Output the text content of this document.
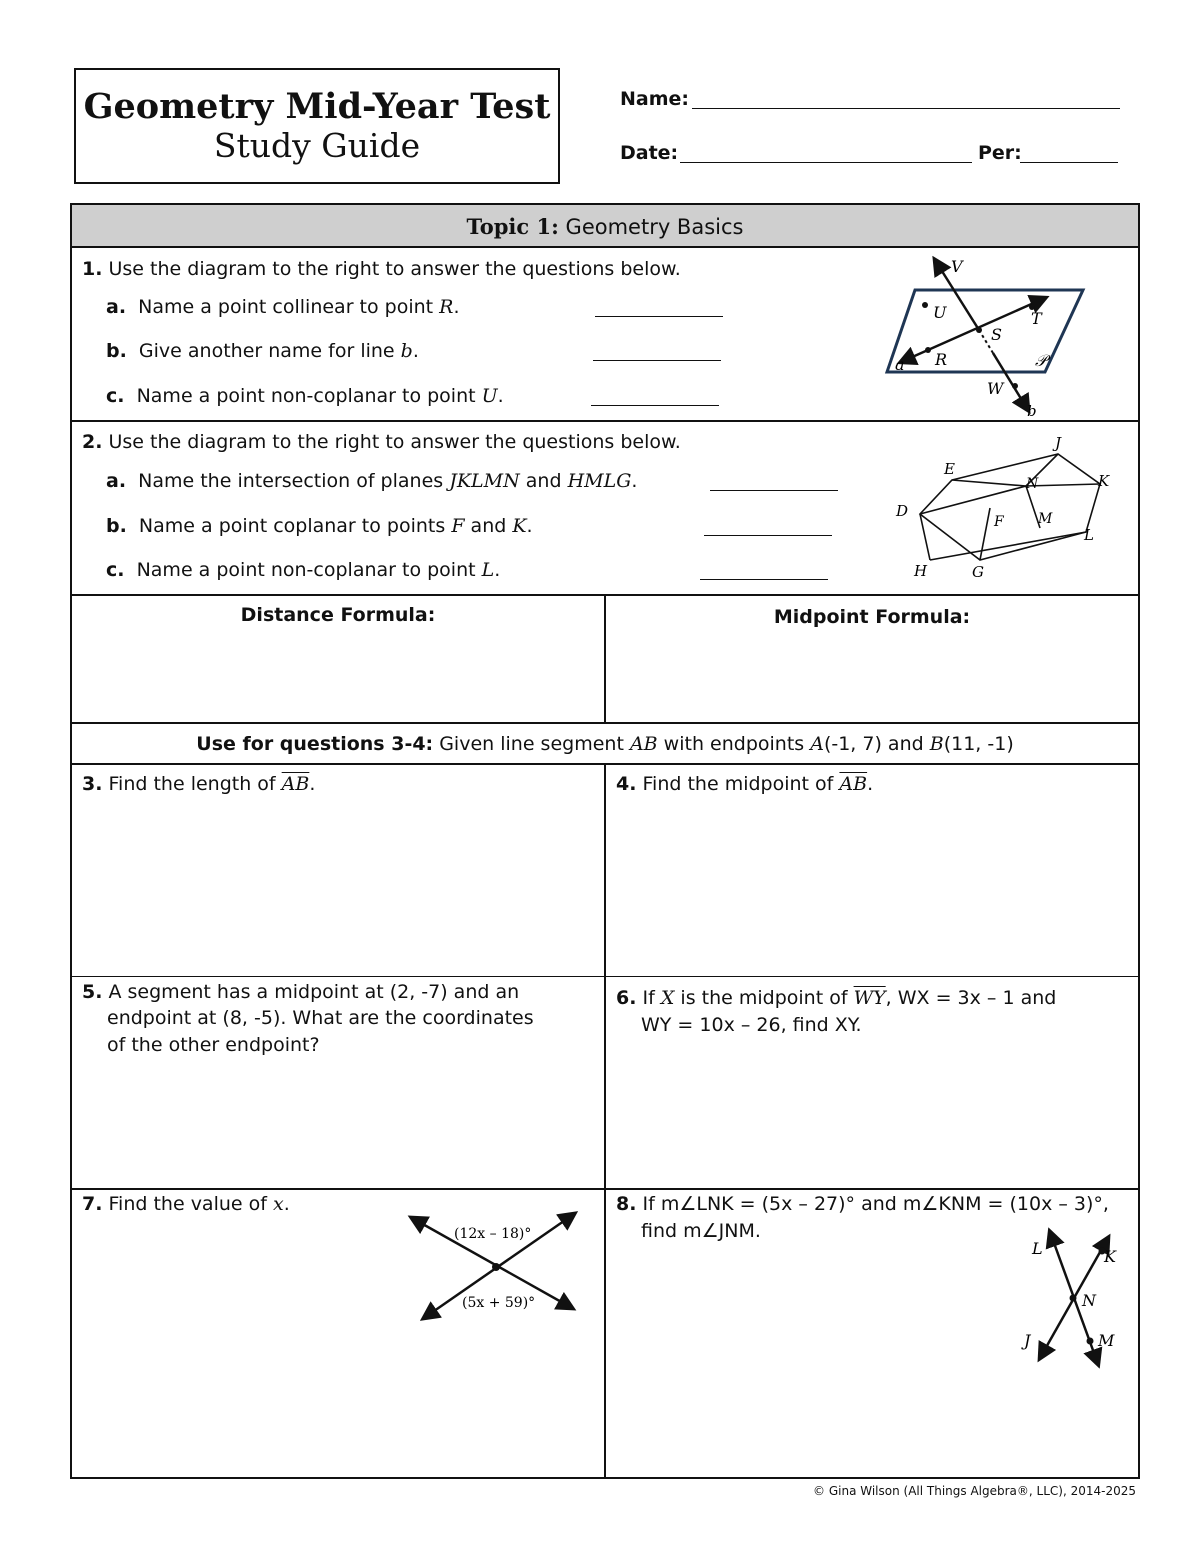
Geometry Mid-Year Test
Study Guide
Name:
Date:	Per:
Topic 1: Geometry Basics
1. Use the diagram to the right to answer the questions below.
a. Name a point collinear to point R.
b. Give another name for line b.
c. Name a point non-coplanar to point U.
V
U	T
S
a R	𝒫
W
b
2. Use the diagram to the right to answer the questions below.
a. Name the intersection of planes JKLMN and HMLG.
b. Name a point coplanar to points F and K.
c. Name a point non-coplanar to point L.
J
E
K
N
D
F M
L
H	G
Distance Formula:	Midpoint Formula:
Use for questions 3-4: Given line segment AB with endpoints A(-1, 7) and B(11, -1)
3. Find the length of $\overline{AB}$.	4. Find the midpoint of $\overline{AB}$.
5. A segment has a midpoint at (2, -7) and an
endpoint at (8, -5). What are the coordinates
of the other endpoint?
6. If X is the midpoint of $\overline{WY}$, WX = 3x – 1 and
WY = 10x – 26, find XY.
7. Find the value of x.
(12x – 18)°
(5x + 59)°
8. If m∠LNK = (5x – 27)° and m∠KNM = (10x – 3)°,
find m∠JNM.
L	K
N
J	M
© Gina Wilson (All Things Algebra®, LLC), 2014-2025
